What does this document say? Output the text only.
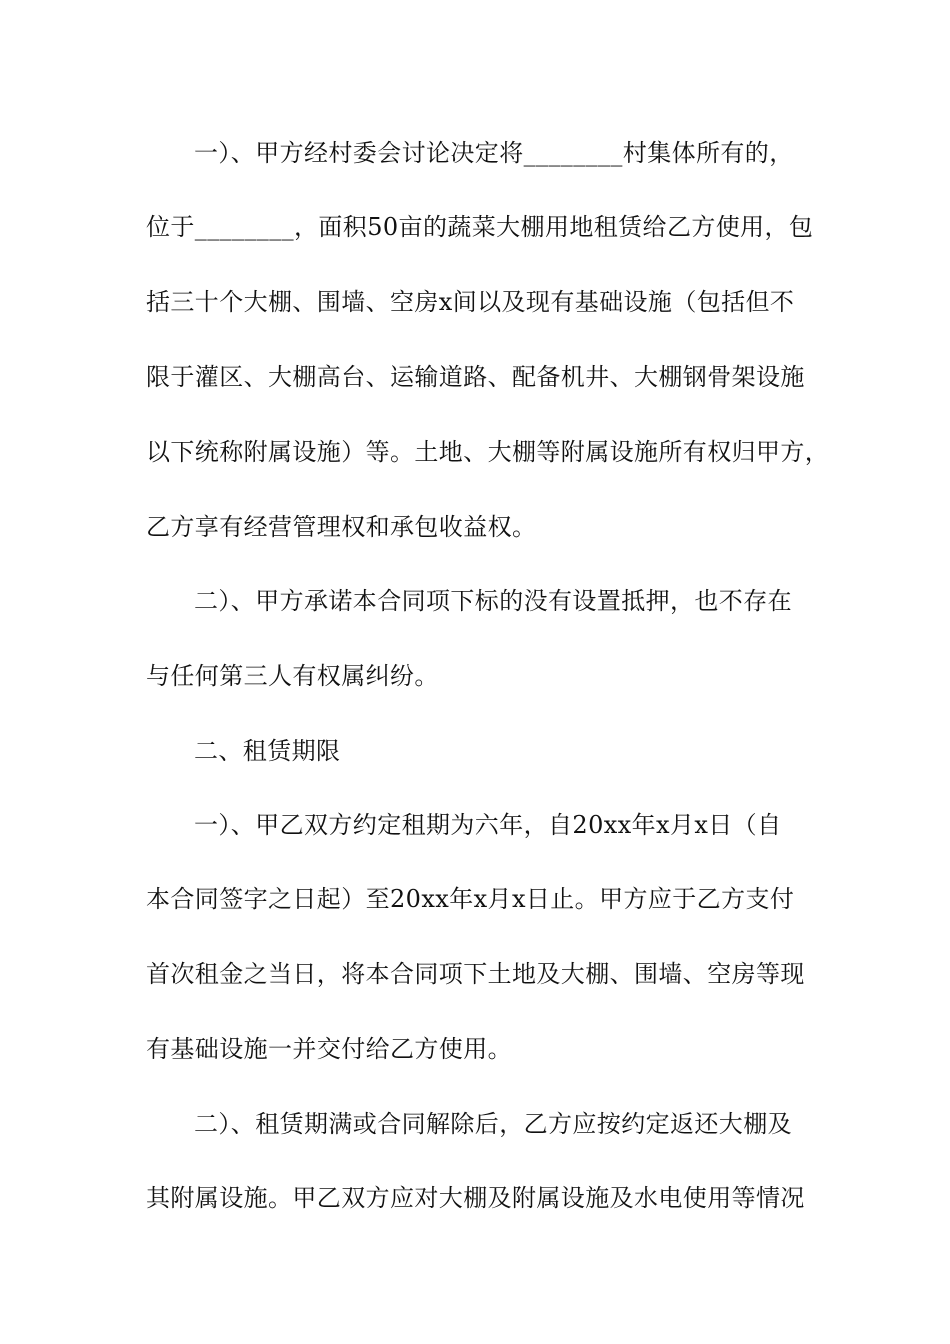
一）、甲方经村委会讨论决定将________村集体所有的，
位于________，面积50亩的蔬菜大棚用地租赁给乙方使用，包
括三十个大棚、围墙、空房x间以及现有基础设施（包括但不
限于灌区、大棚高台、运输道路、配备机井、大棚钢骨架设施
以下统称附属设施）等。土地、大棚等附属设施所有权归甲方，
乙方享有经营管理权和承包收益权。
二）、甲方承诺本合同项下标的没有设置抵押，也不存在
与任何第三人有权属纠纷。
二、租赁期限
一）、甲乙双方约定租期为六年，自20xx年x月x日（自
本合同签字之日起）至20xx年x月x日止。甲方应于乙方支付
首次租金之当日，将本合同项下土地及大棚、围墙、空房等现
有基础设施一并交付给乙方使用。
二）、租赁期满或合同解除后，乙方应按约定返还大棚及
其附属设施。甲乙双方应对大棚及附属设施及水电使用等情况
